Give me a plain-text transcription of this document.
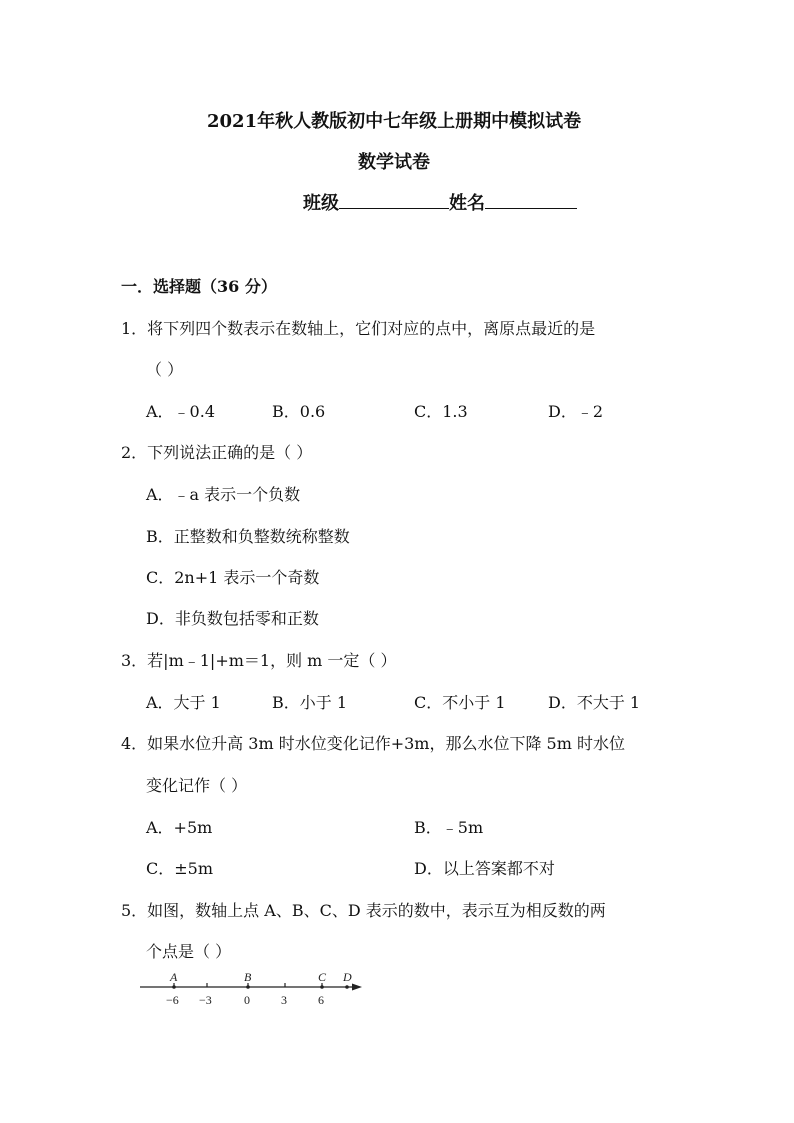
2021年秋人教版初中七年级上册期中模拟试卷
数学试卷
班级	姓名
一．选择题（36 分）
1．将下列四个数表示在数轴上，它们对应的点中，离原点最近的是
（ ）
A．﹣0.4	B．0.6	C．1.3	D．﹣2
2．下列说法正确的是（ ）
A．﹣a 表示一个负数
B．正整数和负整数统称整数
C．2n+1 表示一个奇数
D．非负数包括零和正数
3．若|m﹣1|+m＝1，则 m 一定（ ）
A．大于 1	B．小于 1	C．不小于 1	D．不大于 1
4．如果水位升高 3m 时水位变化记作+3m，那么水位下降 5m 时水位
变化记作（ ）
A．+5m	B．﹣5m
C．±5m	D．以上答案都不对
5．如图，数轴上点 A、B、C、D 表示的数中，表示互为相反数的两
个点是（ ）
A	B	C D
−6 −3	0	3	6
